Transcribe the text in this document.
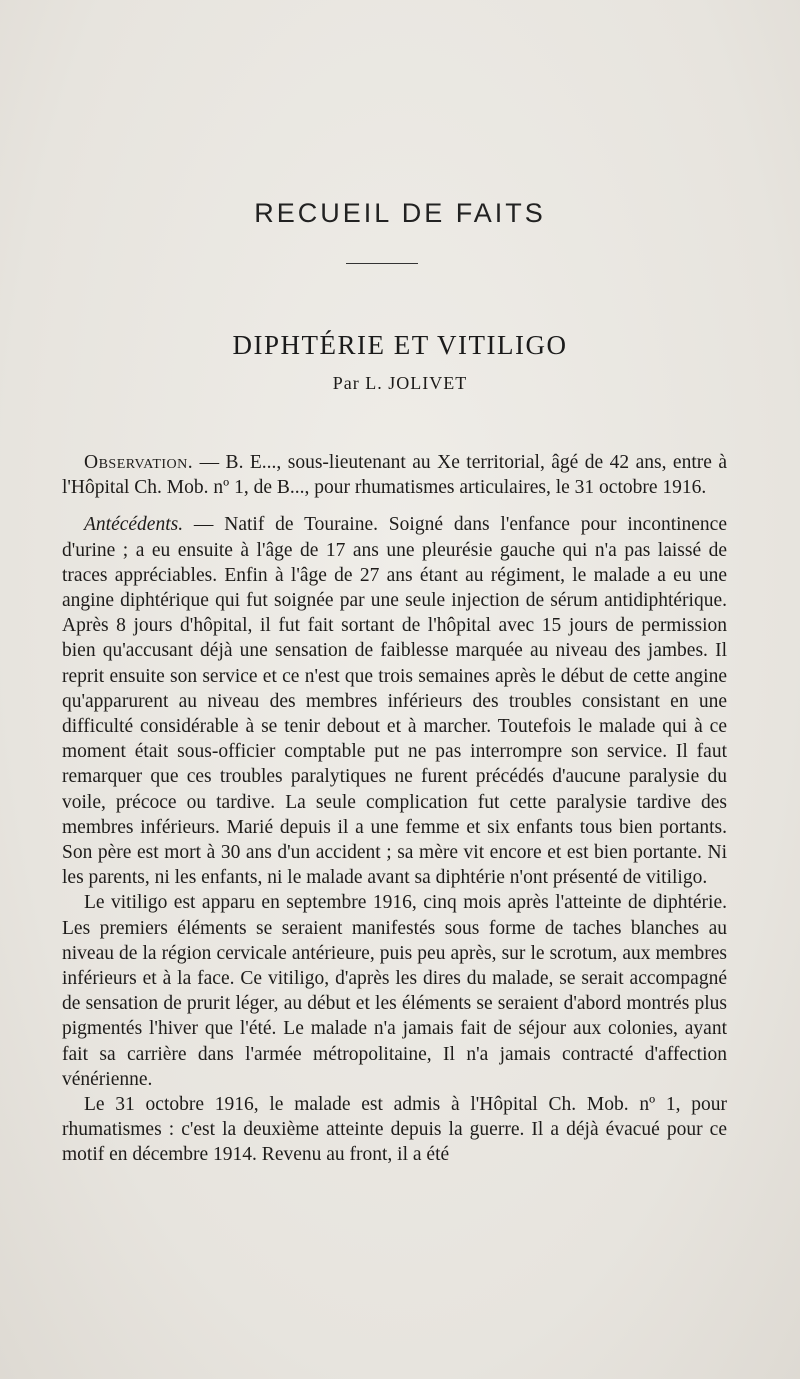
RECUEIL DE FAITS
DIPHTÉRIE ET VITILIGO
Par L. JOLIVET

Observation. — B. E..., sous-lieutenant au Xe territorial, âgé de 42 ans, entre à l'Hôpital Ch. Mob. nº 1, de B..., pour rhumatismes articulaires, le 31 octobre 1916.

Antécédents. — Natif de Touraine. Soigné dans l'enfance pour incontinence d'urine ; a eu ensuite à l'âge de 17 ans une pleurésie gauche qui n'a pas laissé de traces appréciables. Enfin à l'âge de 27 ans étant au régiment, le malade a eu une angine diphtérique qui fut soignée par une seule injection de sérum antidiphtérique. Après 8 jours d'hôpital, il fut fait sortant de l'hôpital avec 15 jours de permission bien qu'accusant déjà une sensation de faiblesse marquée au niveau des jambes. Il reprit ensuite son service et ce n'est que trois semaines après le début de cette angine qu'apparurent au niveau des membres inférieurs des troubles consistant en une difficulté considérable à se tenir debout et à marcher. Toutefois le malade qui à ce moment était sous-officier comptable put ne pas interrompre son service. Il faut remarquer que ces troubles paralytiques ne furent précédés d'aucune paralysie du voile, précoce ou tardive. La seule complication fut cette paralysie tardive des membres inférieurs. Marié depuis il a une femme et six enfants tous bien portants. Son père est mort à 30 ans d'un accident ; sa mère vit encore et est bien portante. Ni les parents, ni les enfants, ni le malade avant sa diphtérie n'ont présenté de vitiligo.

Le vitiligo est apparu en septembre 1916, cinq mois après l'atteinte de diphtérie. Les premiers éléments se seraient manifestés sous forme de taches blanches au niveau de la région cervicale antérieure, puis peu après, sur le scrotum, aux membres inférieurs et à la face. Ce vitiligo, d'après les dires du malade, se serait accompagné de sensation de prurit léger, au début et les éléments se seraient d'abord montrés plus pigmentés l'hiver que l'été. Le malade n'a jamais fait de séjour aux colonies, ayant fait sa carrière dans l'armée métropolitaine, Il n'a jamais contracté d'affection vénérienne.

Le 31 octobre 1916, le malade est admis à l'Hôpital Ch. Mob. nº 1, pour rhumatismes : c'est la deuxième atteinte depuis la guerre. Il a déjà évacué pour ce motif en décembre 1914. Revenu au front, il a été
